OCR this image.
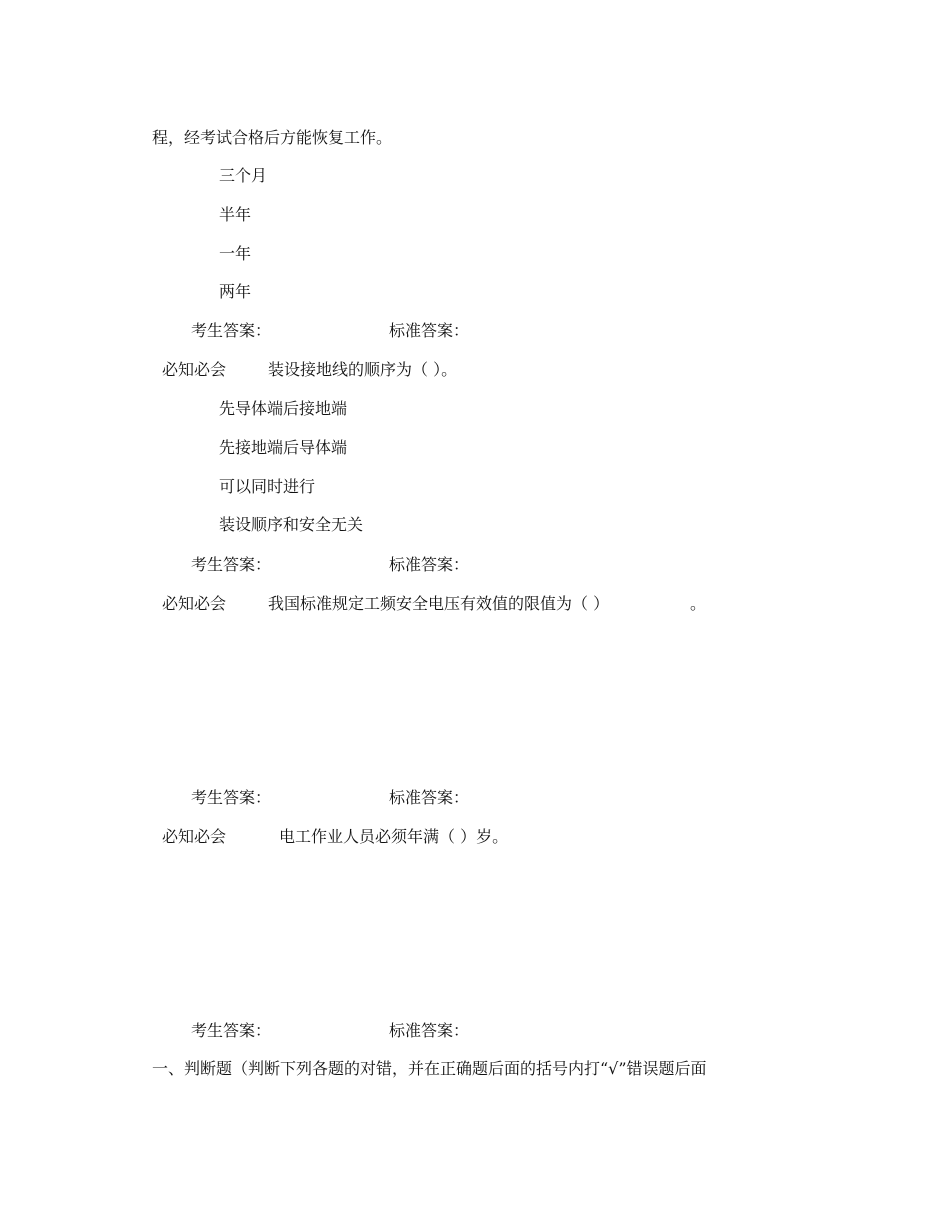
程，经考试合格后方能恢复工作。
三个月
半年
一年
两年
考生答案：	标准答案：
必知必会	装设接地线的顺序为（ ）。
先导体端后接地端
先接地端后导体端
可以同时进行
装设顺序和安全无关
考生答案：	标准答案：
必知必会	我国标准规定工频安全电压有效值的限值为（ ）	。
考生答案：	标准答案：
必知必会	电工作业人员必须年满（ ）岁。
考生答案：	标准答案：
一、判断题（判断下列各题的对错，并在正确题后面的括号内打“√”错误题后面
